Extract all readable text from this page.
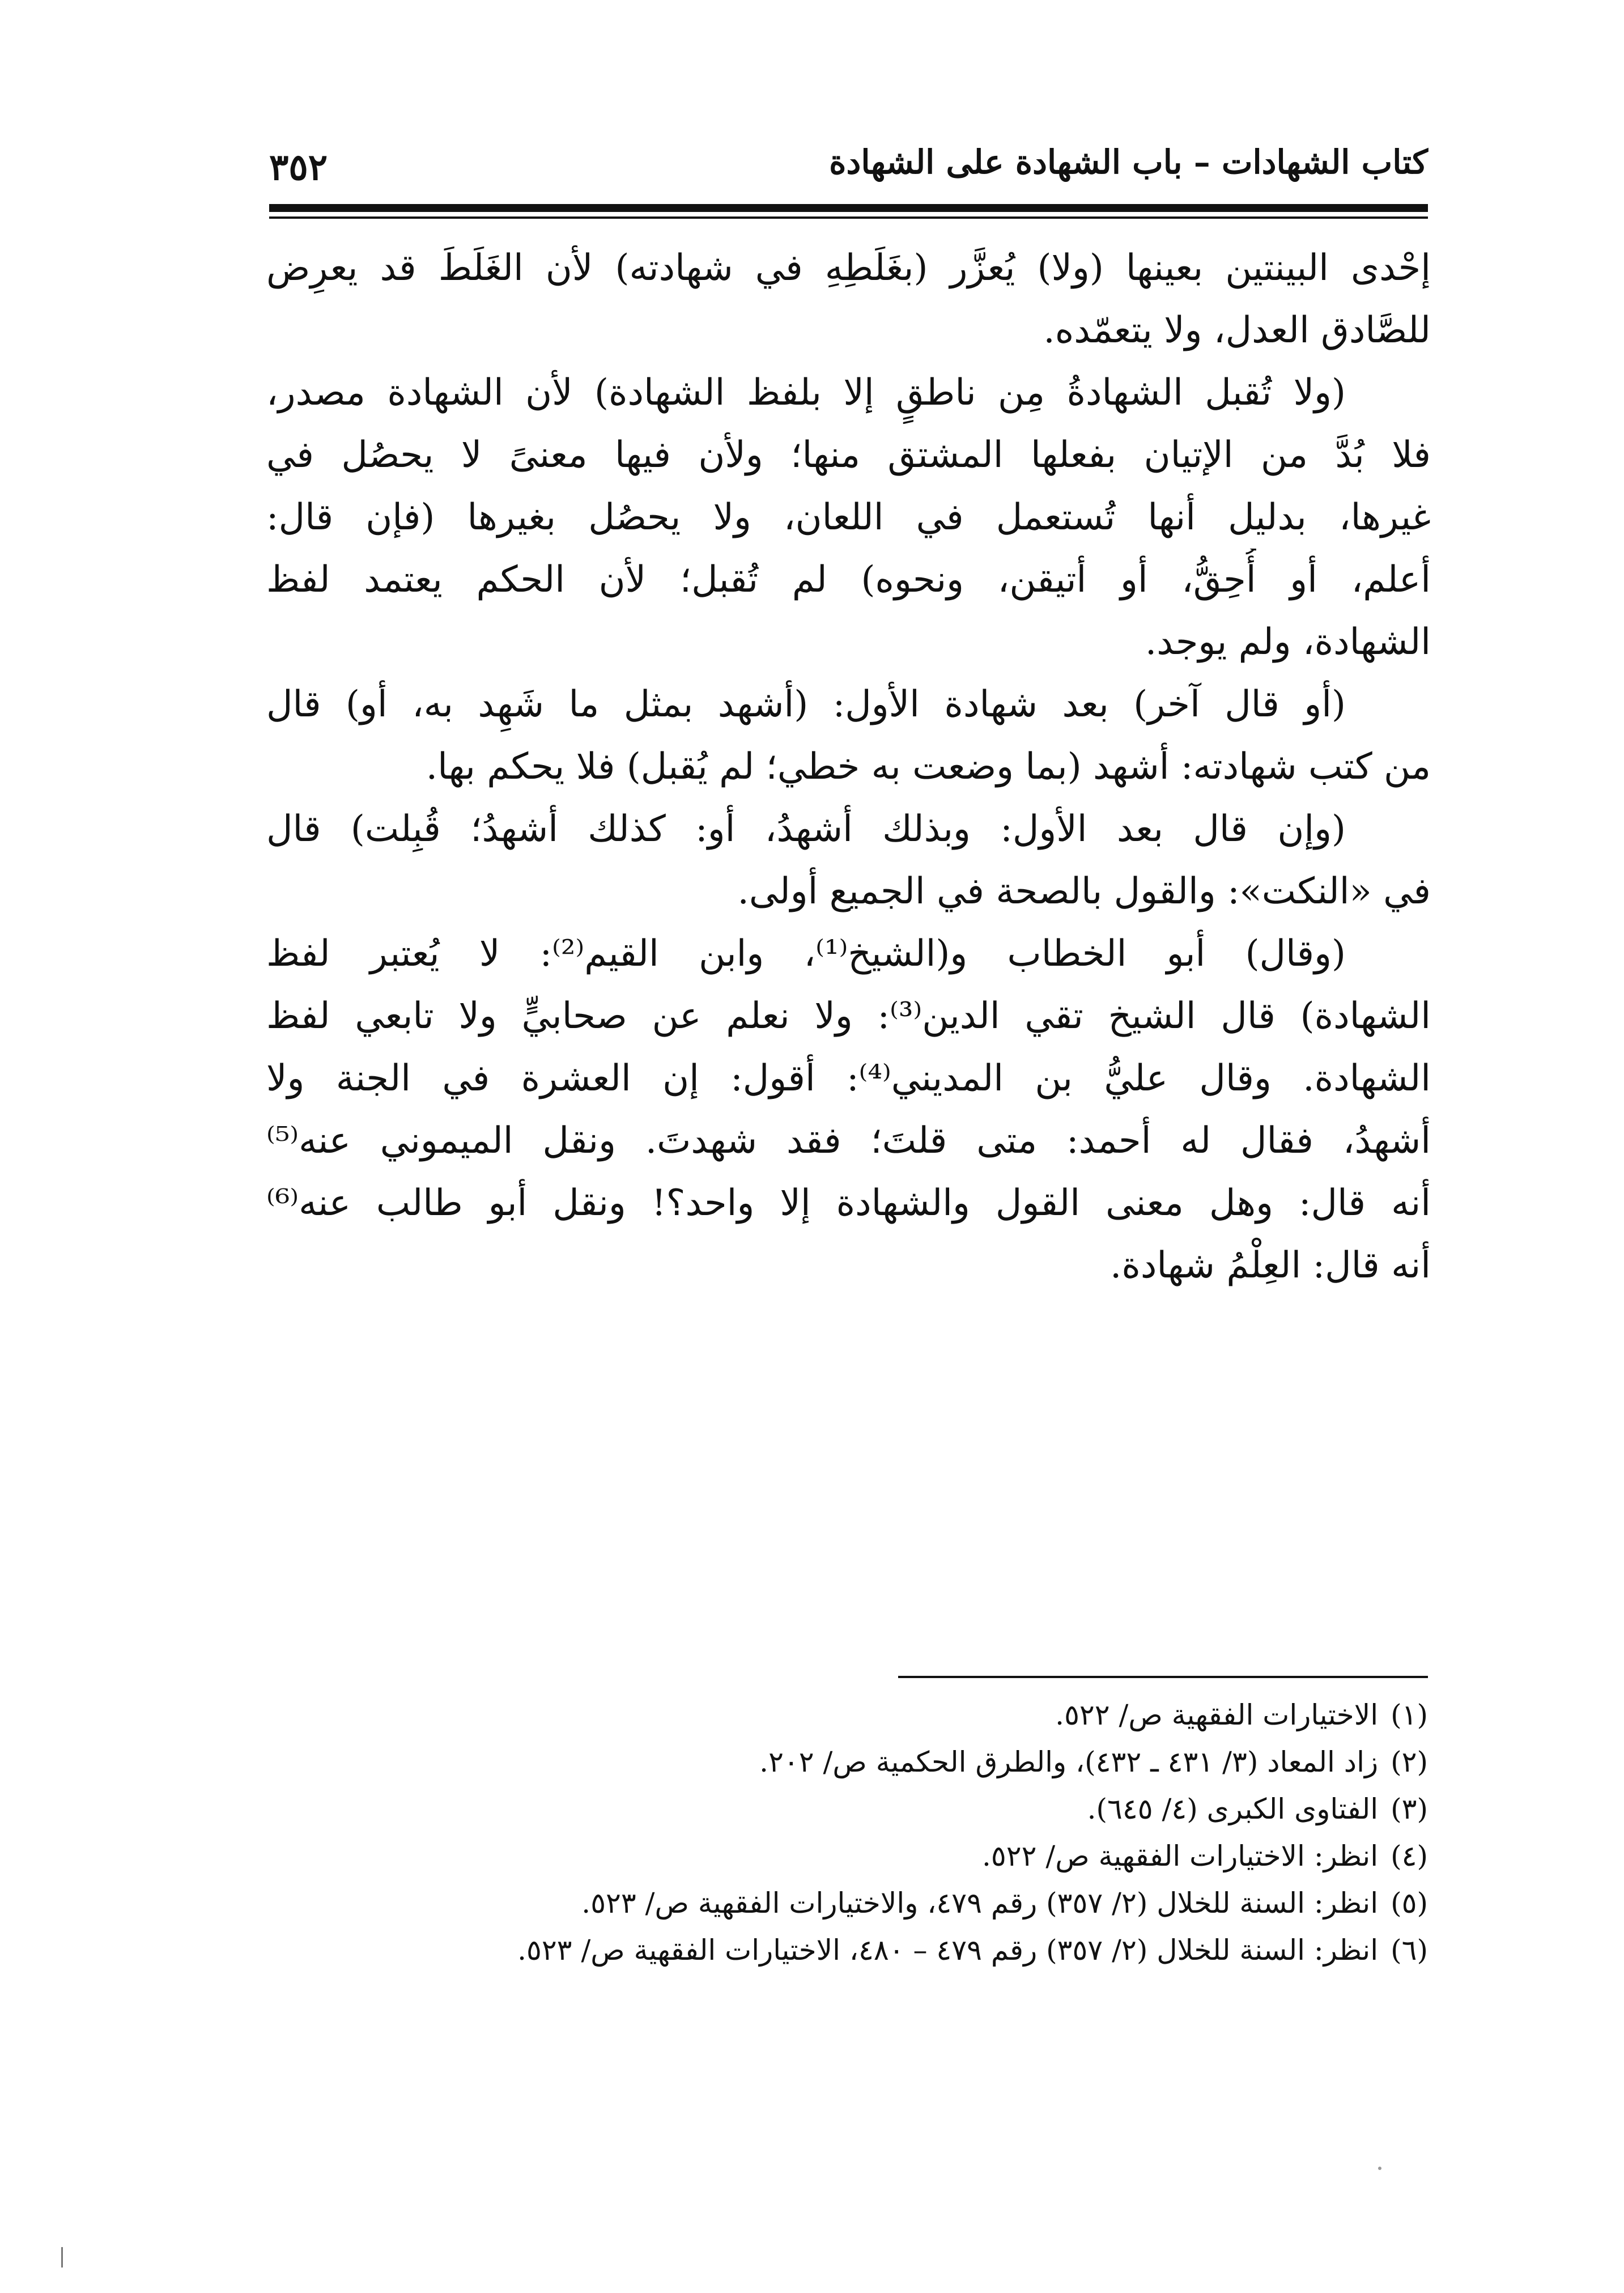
كتاب الشهادات – باب الشهادة على الشهادة
٣٥٢
إحْدى البينتين بعينها (ولا) يُعزَّر (بغَلَطِهِ في شهادته) لأن الغَلَطَ قد يعرِض
للصَّادق العدل، ولا يتعمّده.
(ولا تُقبل الشهادةُ مِن ناطقٍ إلا بلفظ الشهادة) لأن الشهادة مصدر،
فلا بُدَّ من الإتيان بفعلها المشتق منها؛ ولأن فيها معنىً لا يحصُل في
غيرها، بدليل أنها تُستعمل في اللعان، ولا يحصُل بغيرها (فإن قال:
أعلم، أو أُحِقُّ، أو أتيقن، ونحوه) لم تُقبل؛ لأن الحكم يعتمد لفظ
الشهادة، ولم يوجد.
(أو قال آخر) بعد شهادة الأول: (أشهد بمثل ما شَهِد به، أو) قال
من كتب شهادته: أشهد (بما وضعت به خطي؛ لم يُقبل) فلا يحكم بها.
(وإن قال بعد الأول: وبذلك أشهدُ، أو: كذلك أشهدُ؛ قُبِلت) قال
في «النكت»: والقول بالصحة في الجميع أولى.
(وقال) أبو الخطاب و(الشيخ⁽¹⁾، وابن القيم⁽²⁾: لا يُعتبر لفظ
الشهادة) قال الشيخ تقي الدين⁽³⁾: ولا نعلم عن صحابيٍّ ولا تابعي لفظ
الشهادة. وقال عليُّ بن المديني⁽⁴⁾: أقول: إن العشرة في الجنة ولا
أشهدُ، فقال له أحمد: متى قلتَ؛ فقد شهدتَ. ونقل الميموني عنه⁽⁵⁾
أنه قال: وهل معنى القول والشهادة إلا واحد؟! ونقل أبو طالب عنه⁽⁶⁾
أنه قال: العِلْمُ شهادة.
(١)الاختيارات الفقهية ص/ ٥٢٢.
(٢)زاد المعاد (٣/ ٤٣١ ـ ٤٣٢)، والطرق الحكمية ص/ ٢٠٢.
(٣)الفتاوى الكبرى (٤/ ٦٤٥).
(٤)انظر: الاختيارات الفقهية ص/ ٥٢٢.
(٥)انظر: السنة للخلال (٢/ ٣٥٧) رقم ٤٧٩، والاختيارات الفقهية ص/ ٥٢٣.
(٦)انظر: السنة للخلال (٢/ ٣٥٧) رقم ٤٧٩ – ٤٨٠، الاختيارات الفقهية ص/ ٥٢٣.
